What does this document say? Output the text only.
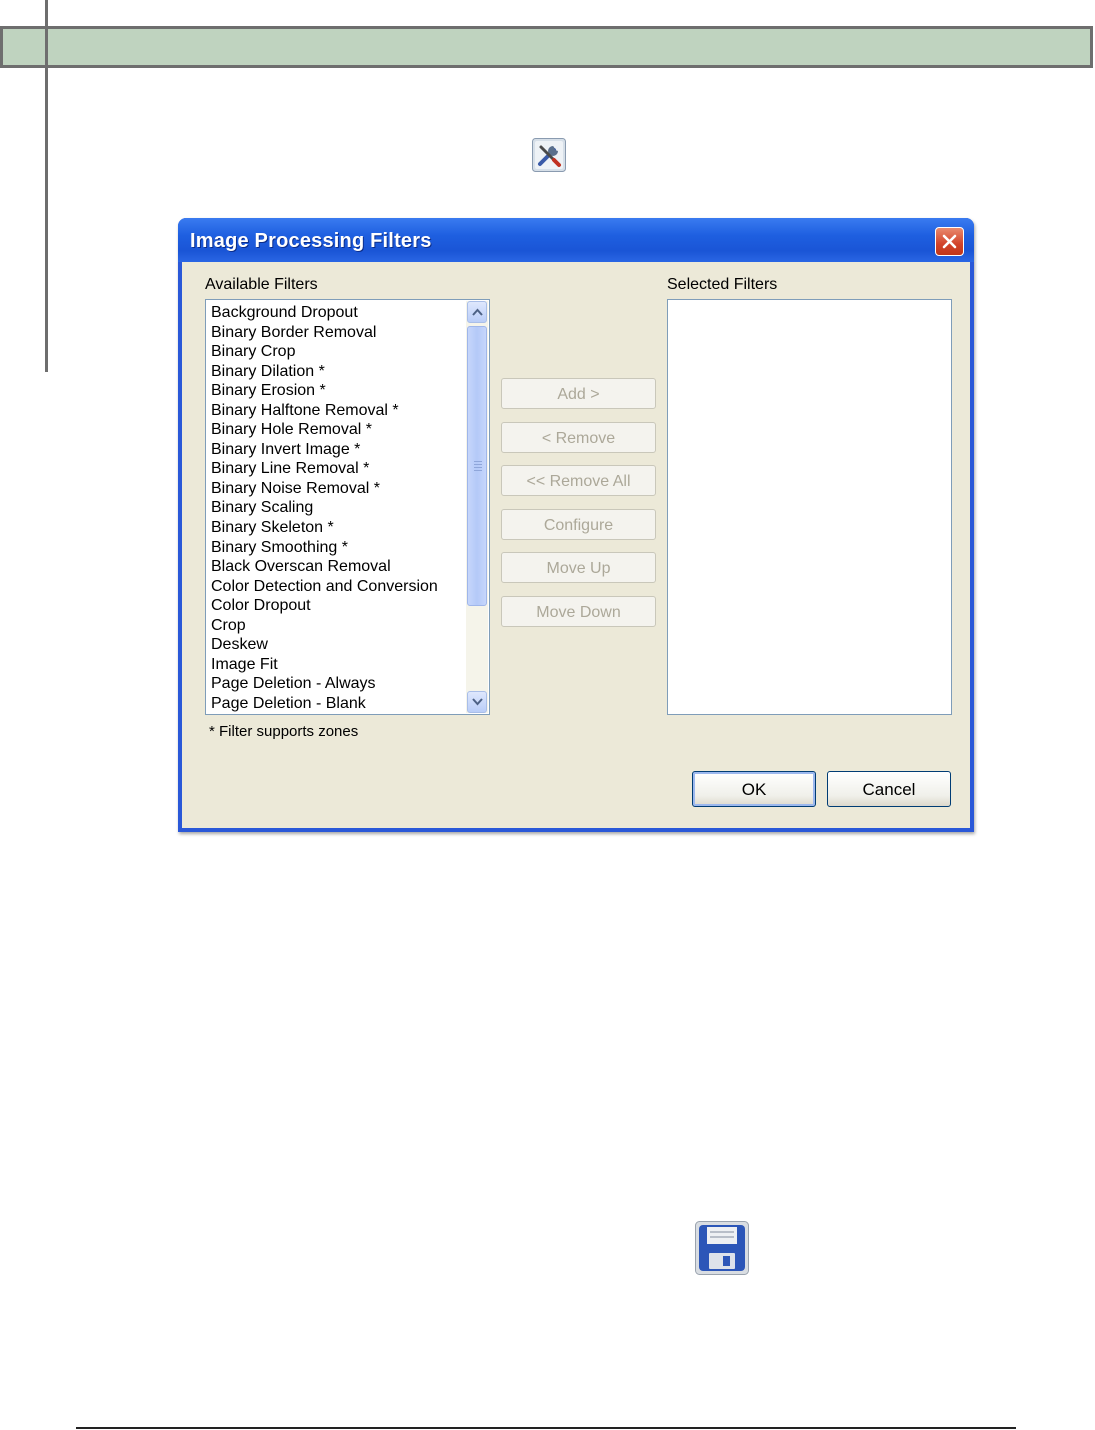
Image Processing Filters
Available Filters	Selected Filters
Background Dropout
Binary Border Removal
Binary Crop
Binary Dilation *
Binary Erosion *
Binary Halftone Removal *
Binary Hole Removal *
Binary Invert Image *
Binary Line Removal *
Binary Noise Removal *
Binary Scaling
Binary Skeleton *
Binary Smoothing *
Black Overscan Removal
Color Detection and Conversion
Color Dropout
Crop
Deskew
Image Fit
Page Deletion - Always
Page Deletion - Blank
* Filter supports zones
Add >
< Remove
<< Remove All
Configure
Move Up
Move Down
OK	Cancel
